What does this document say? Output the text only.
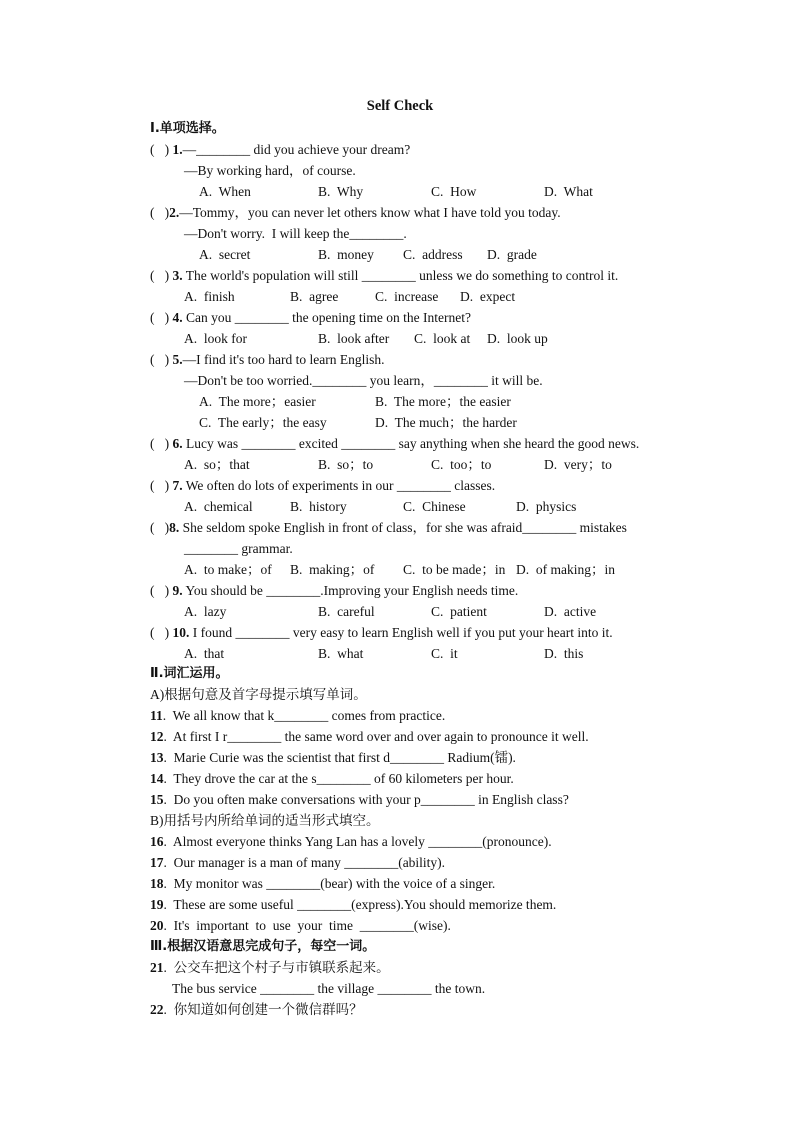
Self Check
Ⅰ.单项选择。
(   ) 1.—________ did you achieve your dream?
—By working hard，of course.
A.  When	B.  Why	C.  How	D.  What
(   )2.—Tommy，you can never let others know what I have told you today.
—Don't worry.  I will keep the________.
A.  secret	B.  money C.  address D.  grade
(   ) 3. The world's population will still ________ unless we do something to control it.
A.  finish	B.  agree	C.  increase D.  expect
(   ) 4. Can you ________ the opening time on the Internet?
A.  look for	B.  look after C.  look at D.  look up
(   ) 5.—I find it's too hard to learn English.
—Don't be too worried.________ you learn，________ it will be.
A.  The more；easier	B.  The more；the easier
C.  The early；the easy	D.  The much；the harder
(   ) 6. Lucy was ________ excited ________ say anything when she heard the good news.
A.  so；that	B.  so；to	C.  too；to	D.  very；to
(   ) 7. We often do lots of experiments in our ________ classes.
A.  chemical	B.  history	C.  Chinese	D.  physics
(   )8. She seldom spoke English in front of class，for she was afraid________ mistakes
________ grammar.
A.  to make；of B.  making；of C.  to be made；in D.  of making；in
(   ) 9. You should be ________.Improving your English needs time.
A.  lazy	B.  careful	C.  patient	D.  active
(   ) 10. I found ________ very easy to learn English well if you put your heart into it.
A.  that	B.  what	C.  it	D.  this
Ⅱ.词汇运用。
A)根据句意及首字母提示填写单词。
11.  We all know that k________ comes from practice.
12.  At first I r________ the same word over and over again to pronounce it well.
13.  Marie Curie was the scientist that first d________ Radium(镭).
14.  They drove the car at the s________ of 60 kilometers per hour.
15.  Do you often make conversations with your p________ in English class?
B)用括号内所给单词的适当形式填空。
16.  Almost everyone thinks Yang Lan has a lovely ________(pronounce).
17.  Our manager is a man of many ________(ability).
18.  My monitor was ________(bear) with the voice of a singer.
19.  These are some useful ________(express).You should memorize them.
20.  It's  important  to  use  your  time  ________(wise).
Ⅲ.根据汉语意思完成句子，每空一词。
21.  公交车把这个村子与市镇联系起来。
The bus service ________ the village ________ the town.
22.  你知道如何创建一个微信群吗？
